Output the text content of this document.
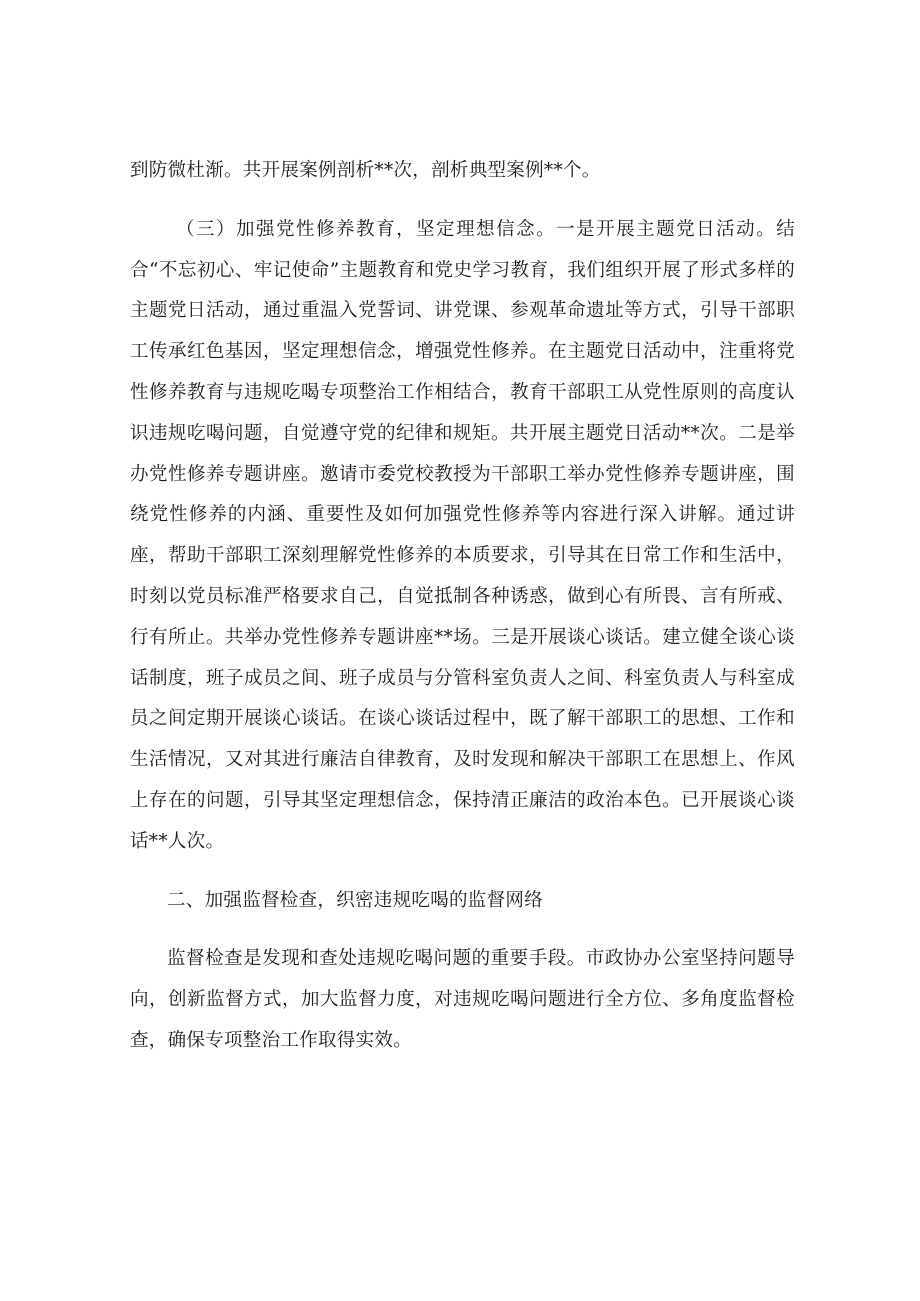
到防微杜渐。共开展案例剖析**次，剖析典型案例**个。

（三）加强党性修养教育，坚定理想信念。一是开展主题党日活动。结合“不忘初心、牢记使命”主题教育和党史学习教育，我们组织开展了形式多样的主题党日活动，通过重温入党誓词、讲党课、参观革命遗址等方式，引导干部职工传承红色基因，坚定理想信念，增强党性修养。在主题党日活动中，注重将党性修养教育与违规吃喝专项整治工作相结合，教育干部职工从党性原则的高度认识违规吃喝问题，自觉遵守党的纪律和规矩。共开展主题党日活动**次。二是举办党性修养专题讲座。邀请市委党校教授为干部职工举办党性修养专题讲座，围绕党性修养的内涵、重要性及如何加强党性修养等内容进行深入讲解。通过讲座，帮助干部职工深刻理解党性修养的本质要求，引导其在日常工作和生活中，时刻以党员标准严格要求自己，自觉抵制各种诱惑，做到心有所畏、言有所戒、行有所止。共举办党性修养专题讲座**场。三是开展谈心谈话。建立健全谈心谈话制度，班子成员之间、班子成员与分管科室负责人之间、科室负责人与科室成员之间定期开展谈心谈话。在谈心谈话过程中，既了解干部职工的思想、工作和生活情况，又对其进行廉洁自律教育，及时发现和解决干部职工在思想上、作风上存在的问题，引导其坚定理想信念，保持清正廉洁的政治本色。已开展谈心谈话**人次。

二、加强监督检查，织密违规吃喝的监督网络

监督检查是发现和查处违规吃喝问题的重要手段。市政协办公室坚持问题导向，创新监督方式，加大监督力度，对违规吃喝问题进行全方位、多角度监督检查，确保专项整治工作取得实效。
